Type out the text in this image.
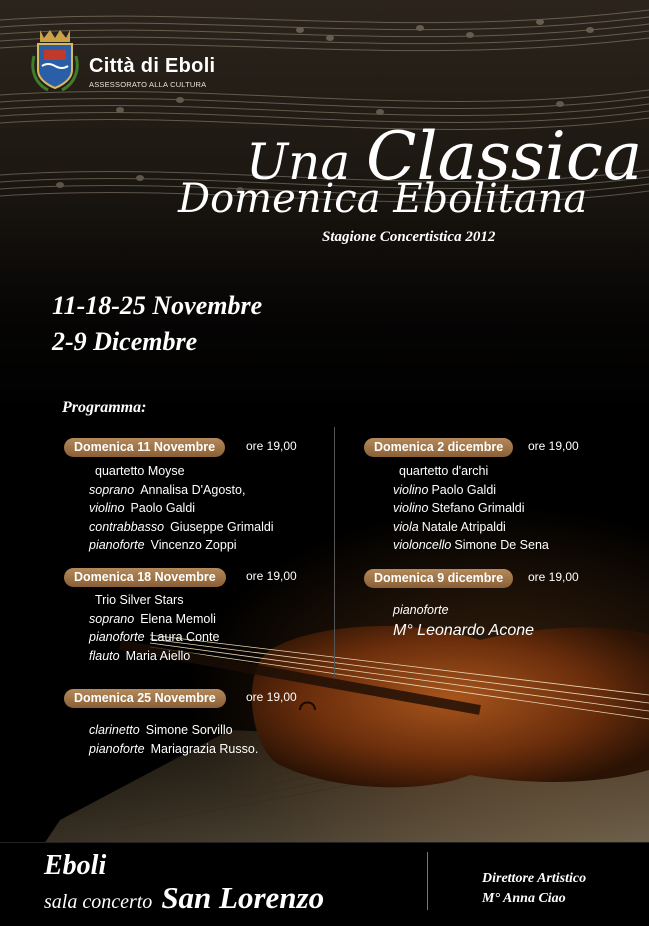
Città di Eboli
ASSESSORATO ALLA CULTURA
Una Classica
Domenica Ebolitana
Stagione Concertistica 2012
11-18-25 Novembre
2-9 Dicembre
Programma:
Domenica 11 Novembre	ore 19,00
quartetto Moyse
soprano Annalisa D'Agosto,
violino Paolo Galdi
contrabbasso Giuseppe Grimaldi
pianoforte Vincenzo Zoppi
Domenica 18 Novembre	ore 19,00
Trio Silver Stars
soprano Elena Memoli
pianoforte Laura Conte
flauto Maria Aiello
Domenica 25 Novembre	ore 19,00
clarinetto Simone Sorvillo
pianoforte Mariagrazia Russo.
Domenica 2 dicembre ore 19,00
quartetto d'archi
violino Paolo Galdi
violino Stefano Grimaldi
viola Natale Atripaldi
violoncello Simone De Sena
Domenica 9 dicembre ore 19,00
pianoforte
M° Leonardo Acone
Eboli
sala concerto San Lorenzo
Direttore Artistico
M° Anna Ciao
